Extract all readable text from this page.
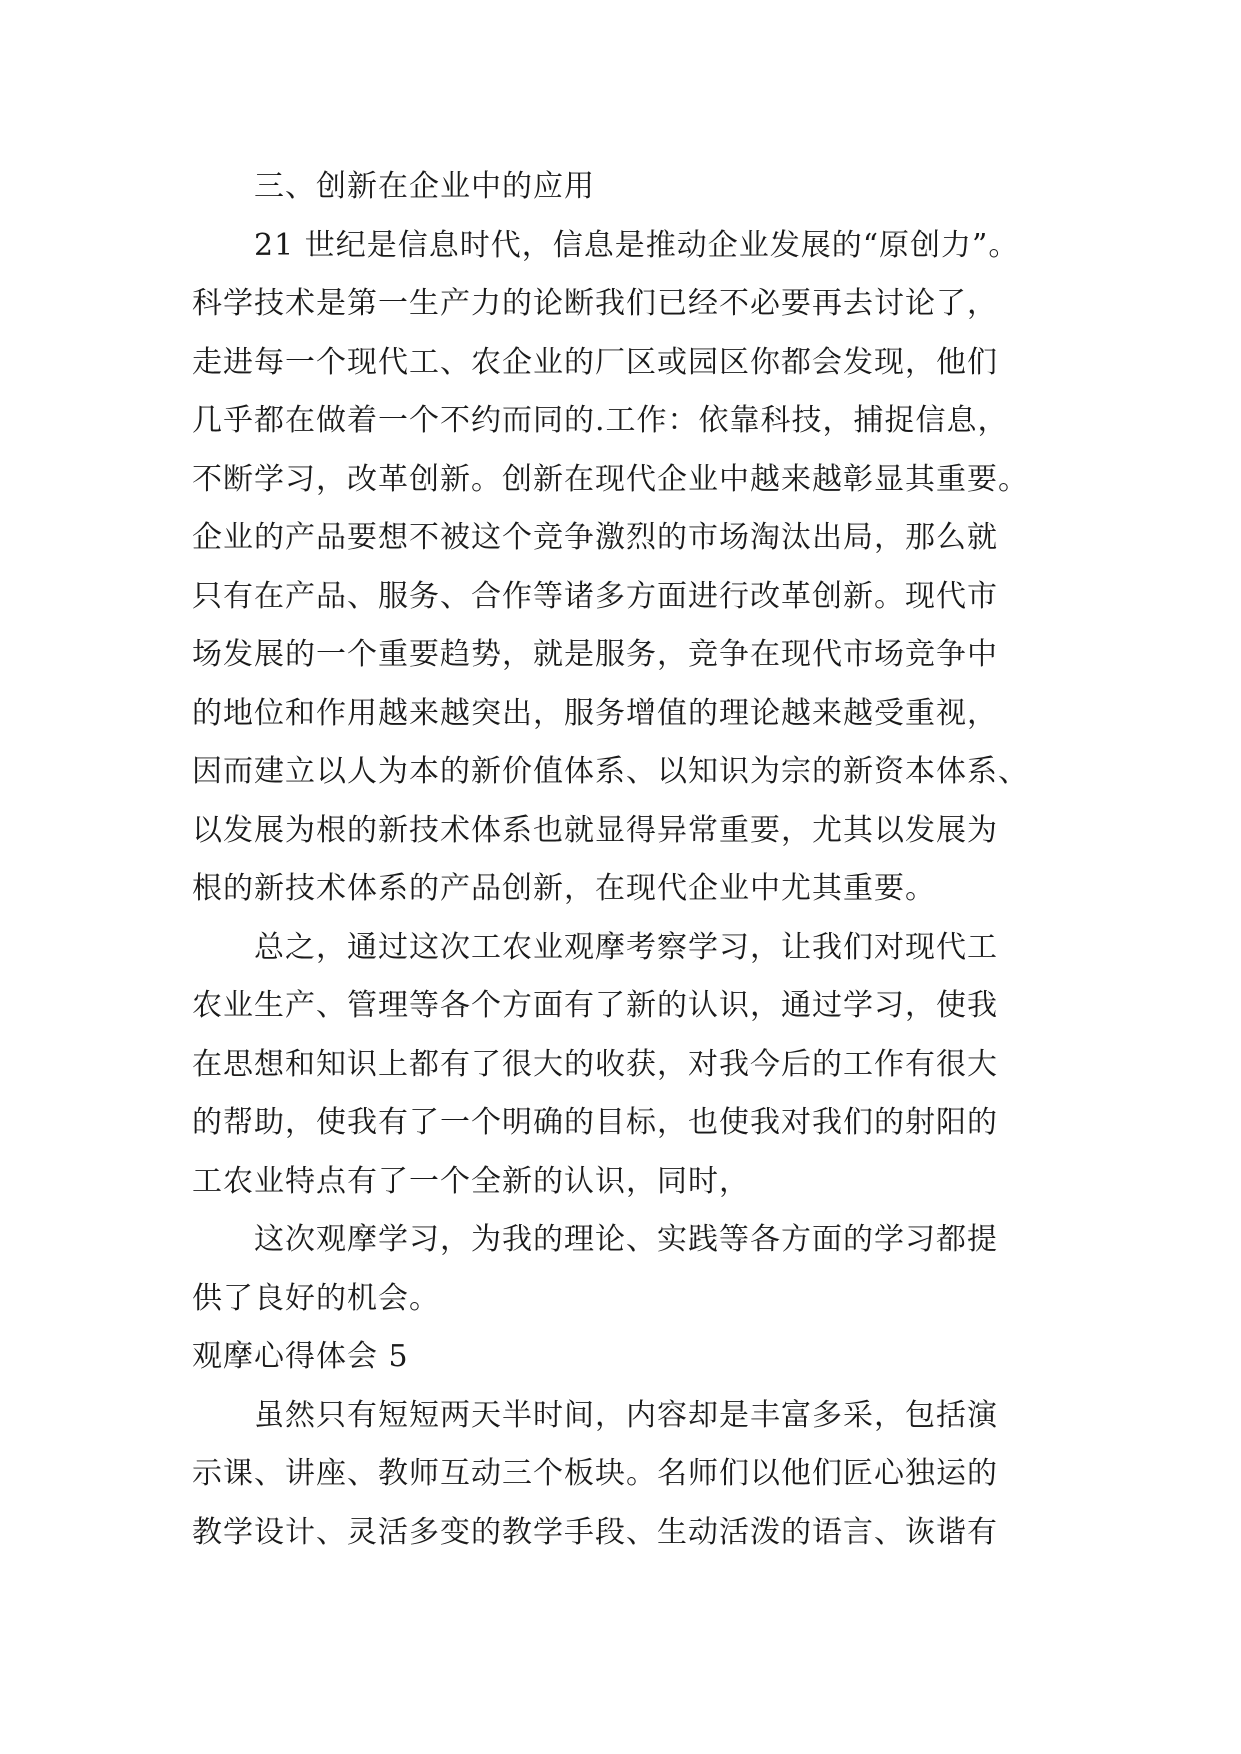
三、创新在企业中的应用
21 世纪是信息时代，信息是推动企业发展的“原创力”。
科学技术是第一生产力的论断我们已经不必要再去讨论了，
走进每一个现代工、农企业的厂区或园区你都会发现，他们
几乎都在做着一个不约而同的.工作：依靠科技，捕捉信息，
不断学习，改革创新。创新在现代企业中越来越彰显其重要。
企业的产品要想不被这个竞争激烈的市场淘汰出局，那么就
只有在产品、服务、合作等诸多方面进行改革创新。现代市
场发展的一个重要趋势，就是服务，竞争在现代市场竞争中
的地位和作用越来越突出，服务增值的理论越来越受重视，
因而建立以人为本的新价值体系、以知识为宗的新资本体系、
以发展为根的新技术体系也就显得异常重要，尤其以发展为
根的新技术体系的产品创新，在现代企业中尤其重要。
总之，通过这次工农业观摩考察学习，让我们对现代工
农业生产、管理等各个方面有了新的认识，通过学习，使我
在思想和知识上都有了很大的收获，对我今后的工作有很大
的帮助，使我有了一个明确的目标，也使我对我们的射阳的
工农业特点有了一个全新的认识，同时，
这次观摩学习，为我的理论、实践等各方面的学习都提
供了良好的机会。
观摩心得体会 5
虽然只有短短两天半时间，内容却是丰富多采，包括演
示课、讲座、教师互动三个板块。名师们以他们匠心独运的
教学设计、灵活多变的教学手段、生动活泼的语言、诙谐有
